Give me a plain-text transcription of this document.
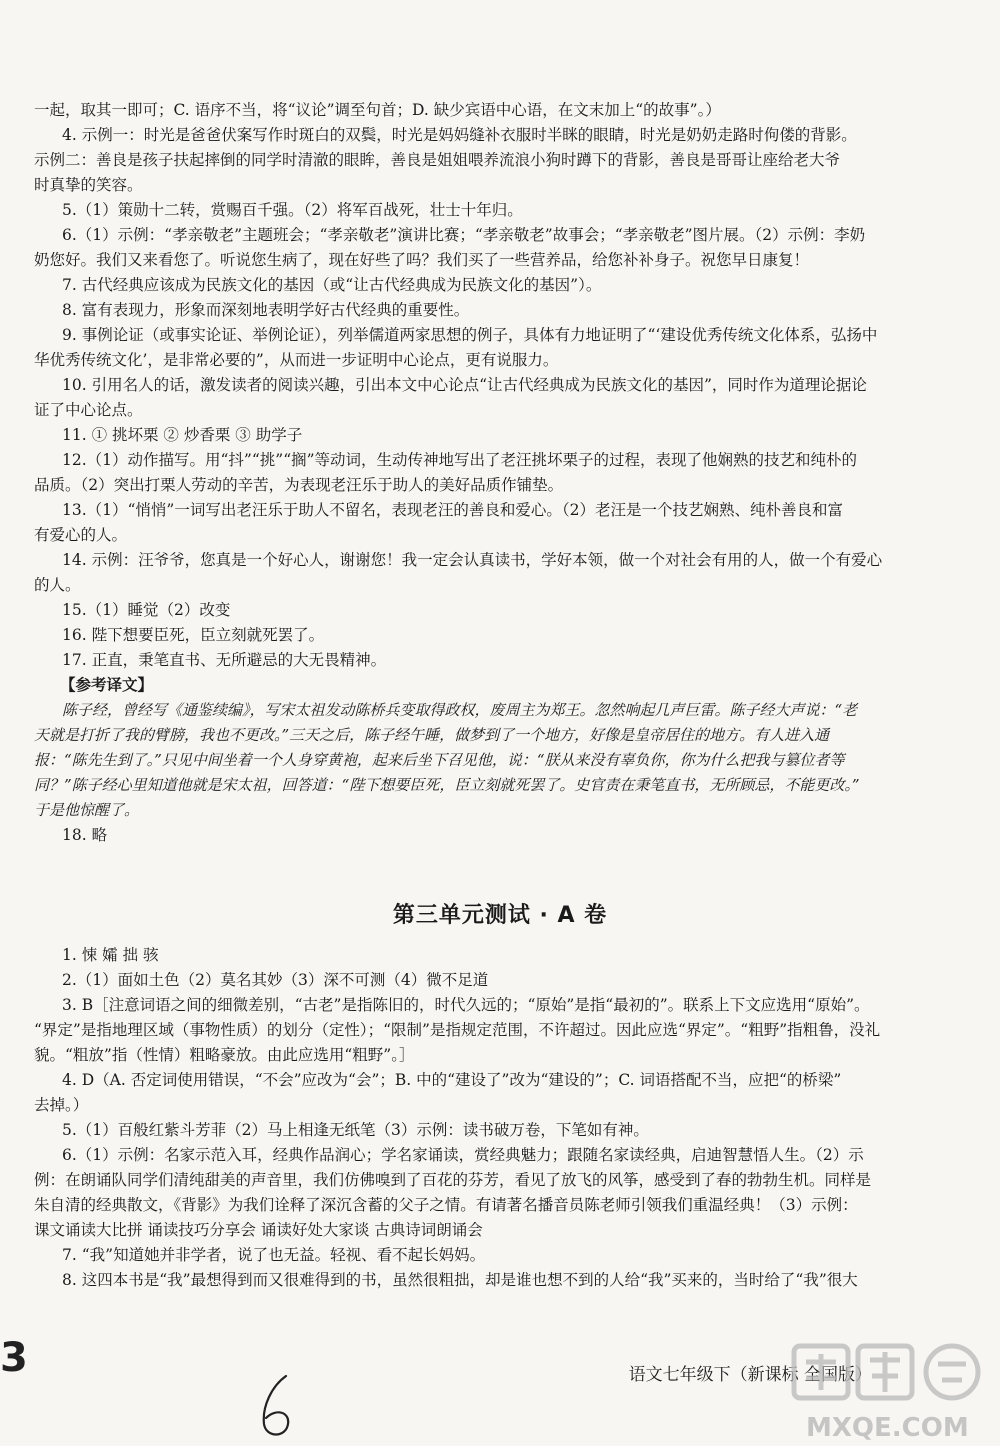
一起，取其一即可；C. 语序不当，将“议论”调至句首；D. 缺少宾语中心语，在文末加上“的故事”。）
4. 示例一：时光是爸爸伏案写作时斑白的双鬓，时光是妈妈缝补衣服时半眯的眼睛，时光是奶奶走路时佝偻的背影。
示例二：善良是孩子扶起摔倒的同学时清澈的眼眸，善良是姐姐喂养流浪小狗时蹲下的背影，善良是哥哥让座给老大爷
时真挚的笑容。
5.（1）策勋十二转，赏赐百千强。（2）将军百战死，壮士十年归。
6.（1）示例：“孝亲敬老”主题班会；“孝亲敬老”演讲比赛；“孝亲敬老”故事会；“孝亲敬老”图片展。（2）示例：李奶
奶您好。我们又来看您了。听说您生病了，现在好些了吗？我们买了一些营养品，给您补补身子。祝您早日康复！
7. 古代经典应该成为民族文化的基因（或“让古代经典成为民族文化的基因”）。
8. 富有表现力，形象而深刻地表明学好古代经典的重要性。
9. 事例论证（或事实论证、举例论证），列举儒道两家思想的例子，具体有力地证明了“‘建设优秀传统文化体系，弘扬中
华优秀传统文化’，是非常必要的”，从而进一步证明中心论点，更有说服力。
10. 引用名人的话，激发读者的阅读兴趣，引出本文中心论点“让古代经典成为民族文化的基因”，同时作为道理论据论
证了中心论点。
11. ① 挑坏栗 ② 炒香栗 ③ 助学子
12.（1）动作描写。用“抖”“挑”“搁”等动词，生动传神地写出了老汪挑坏栗子的过程，表现了他娴熟的技艺和纯朴的
品质。（2）突出打栗人劳动的辛苦，为表现老汪乐于助人的美好品质作铺垫。
13.（1）“悄悄”一词写出老汪乐于助人不留名，表现老汪的善良和爱心。（2）老汪是一个技艺娴熟、纯朴善良和富
有爱心的人。
14. 示例：汪爷爷，您真是一个好心人，谢谢您！我一定会认真读书，学好本领，做一个对社会有用的人，做一个有爱心
的人。
15.（1）睡觉（2）改变
16. 陛下想要臣死，臣立刻就死罢了。
17. 正直，秉笔直书、无所避忌的大无畏精神。
【参考译文】
陈子经，曾经写《通鉴续编》，写宋太祖发动陈桥兵变取得政权，废周主为郑王。忽然响起几声巨雷。陈子经大声说：“老
天就是打折了我的臂膀，我也不更改。”三天之后，陈子经午睡，做梦到了一个地方，好像是皇帝居住的地方。有人进入通
报：“陈先生到了。”只见中间坐着一个人身穿黄袍，起来后坐下召见他，说：“朕从来没有辜负你，你为什么把我与篡位者等
同？”陈子经心里知道他就是宋太祖，回答道：“陛下想要臣死，臣立刻就死罢了。史官责在秉笔直书，无所顾忌，不能更改。”
于是他惊醒了。
18. 略
第三单元测试 · A 卷
1. 悚 孀 拙 骇
2.（1）面如土色（2）莫名其妙（3）深不可测（4）微不足道
3. B［注意词语之间的细微差别，“古老”是指陈旧的，时代久远的；“原始”是指“最初的”。联系上下文应选用“原始”。
“界定”是指地理区域（事物性质）的划分（定性）；“限制”是指规定范围，不许超过。因此应选“界定”。“粗野”指粗鲁，没礼
貌。“粗放”指（性情）粗略豪放。由此应选用“粗野”。］
4. D（A. 否定词使用错误，“不会”应改为“会”；B. 中的“建设了”改为“建设的”；C. 词语搭配不当，应把“的桥梁”
去掉。）
5.（1）百般红紫斗芳菲（2）马上相逢无纸笔（3）示例：读书破万卷，下笔如有神。
6.（1）示例：名家示范入耳，经典作品润心；学名家诵读，赏经典魅力；跟随名家读经典，启迪智慧悟人生。（2）示
例：在朗诵队同学们清纯甜美的声音里，我们仿佛嗅到了百花的芬芳，看见了放飞的风筝，感受到了春的勃勃生机。同样是
朱自清的经典散文，《背影》为我们诠释了深沉含蓄的父子之情。有请著名播音员陈老师引领我们重温经典！（3）示例：
课文诵读大比拼 诵读技巧分享会 诵读好处大家谈 古典诗词朗诵会
7. “我”知道她并非学者，说了也无益。轻视、看不起长妈妈。
8. 这四本书是“我”最想得到而又很难得到的书，虽然很粗拙，却是谁也想不到的人给“我”买来的，当时给了“我”很大
3	语文七年级下（新课标 全国版）
MXQE.COM
